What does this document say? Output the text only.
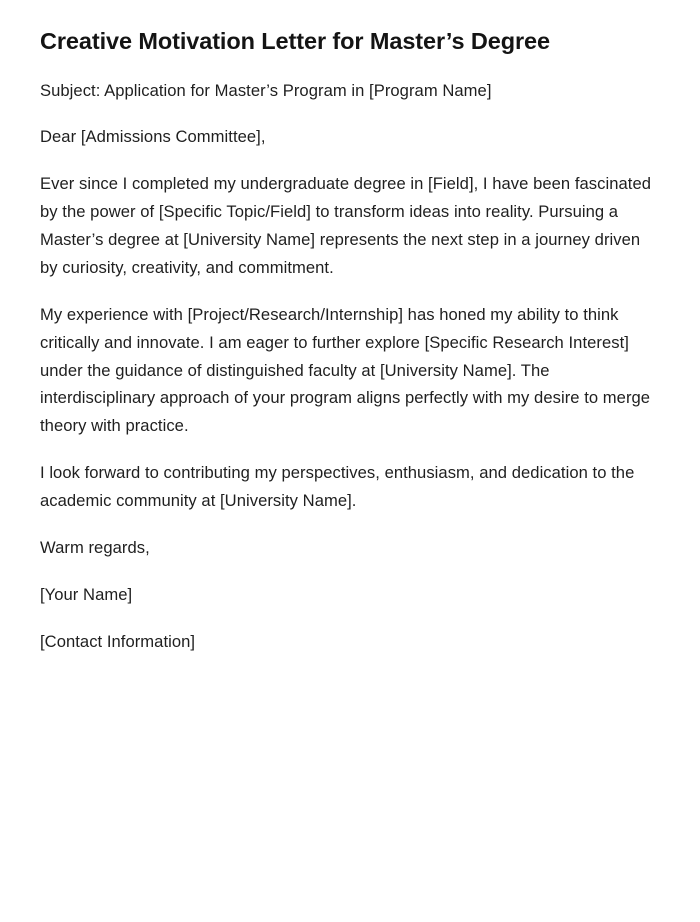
Creative Motivation Letter for Master’s Degree

Subject: Application for Master’s Program in [Program Name]

Dear [Admissions Committee],

Ever since I completed my undergraduate degree in [Field], I have been fascinated by the power of [Specific Topic/Field] to transform ideas into reality. Pursuing a Master’s degree at [University Name] represents the next step in a journey driven by curiosity, creativity, and commitment.

My experience with [Project/Research/Internship] has honed my ability to think critically and innovate. I am eager to further explore [Specific Research Interest] under the guidance of distinguished faculty at [University Name]. The interdisciplinary approach of your program aligns perfectly with my desire to merge theory with practice.

I look forward to contributing my perspectives, enthusiasm, and dedication to the academic community at [University Name].

Warm regards,

[Your Name]

[Contact Information]
